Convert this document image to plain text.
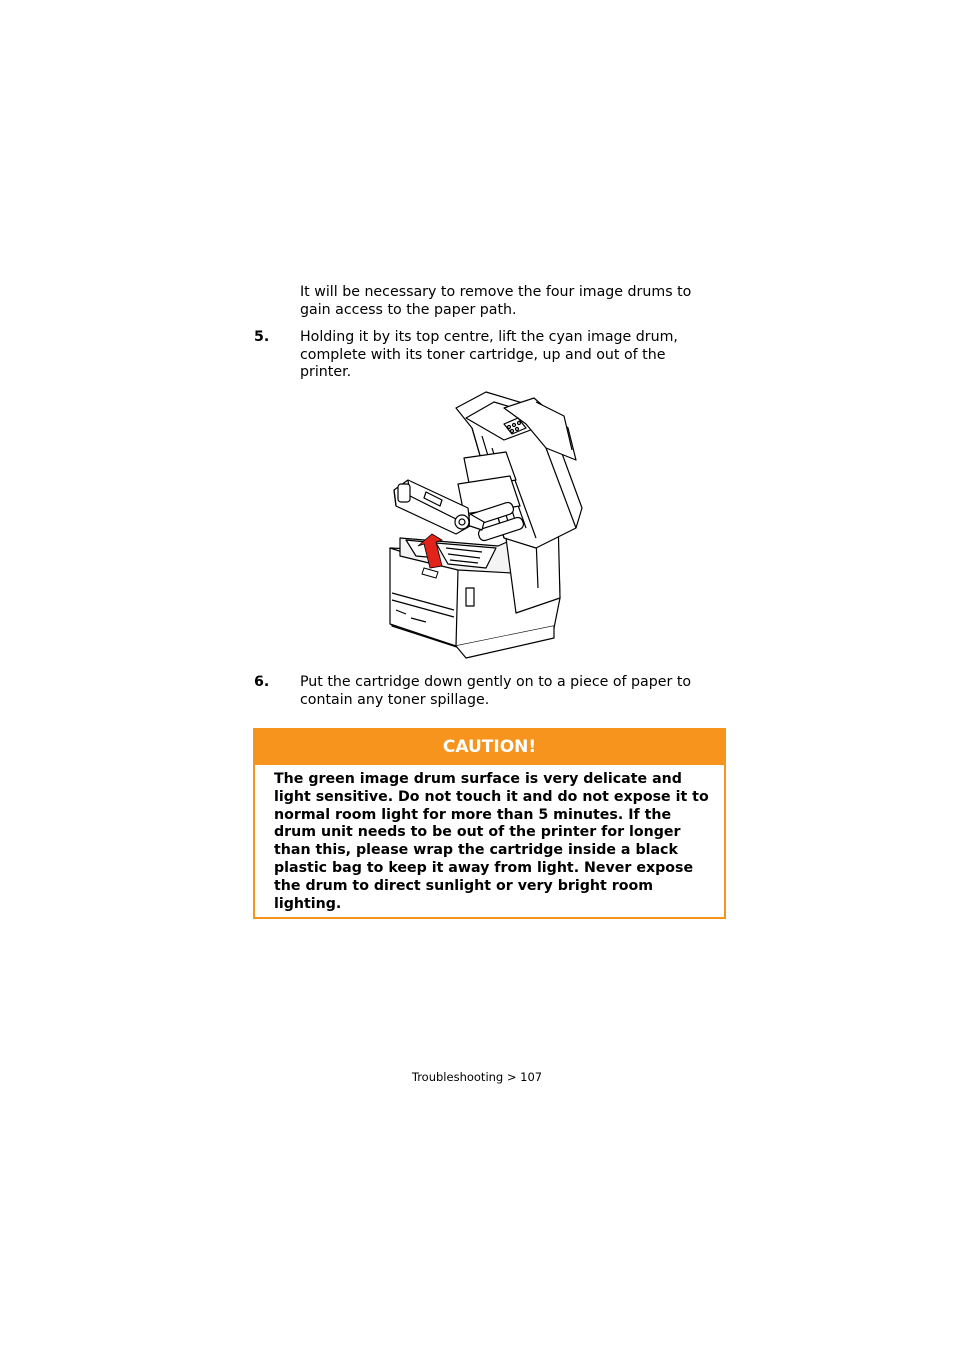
It will be necessary to remove the four image drums to gain access to the paper path.

5. Holding it by its top centre, lift the cyan image drum, complete with its toner cartridge, up and out of the printer.

6. Put the cartridge down gently on to a piece of paper to contain any toner spillage.

CAUTION!

The green image drum surface is very delicate and light sensitive. Do not touch it and do not expose it to normal room light for more than 5 minutes. If the drum unit needs to be out of the printer for longer than this, please wrap the cartridge inside a black plastic bag to keep it away from light. Never expose the drum to direct sunlight or very bright room lighting.

Troubleshooting > 107
